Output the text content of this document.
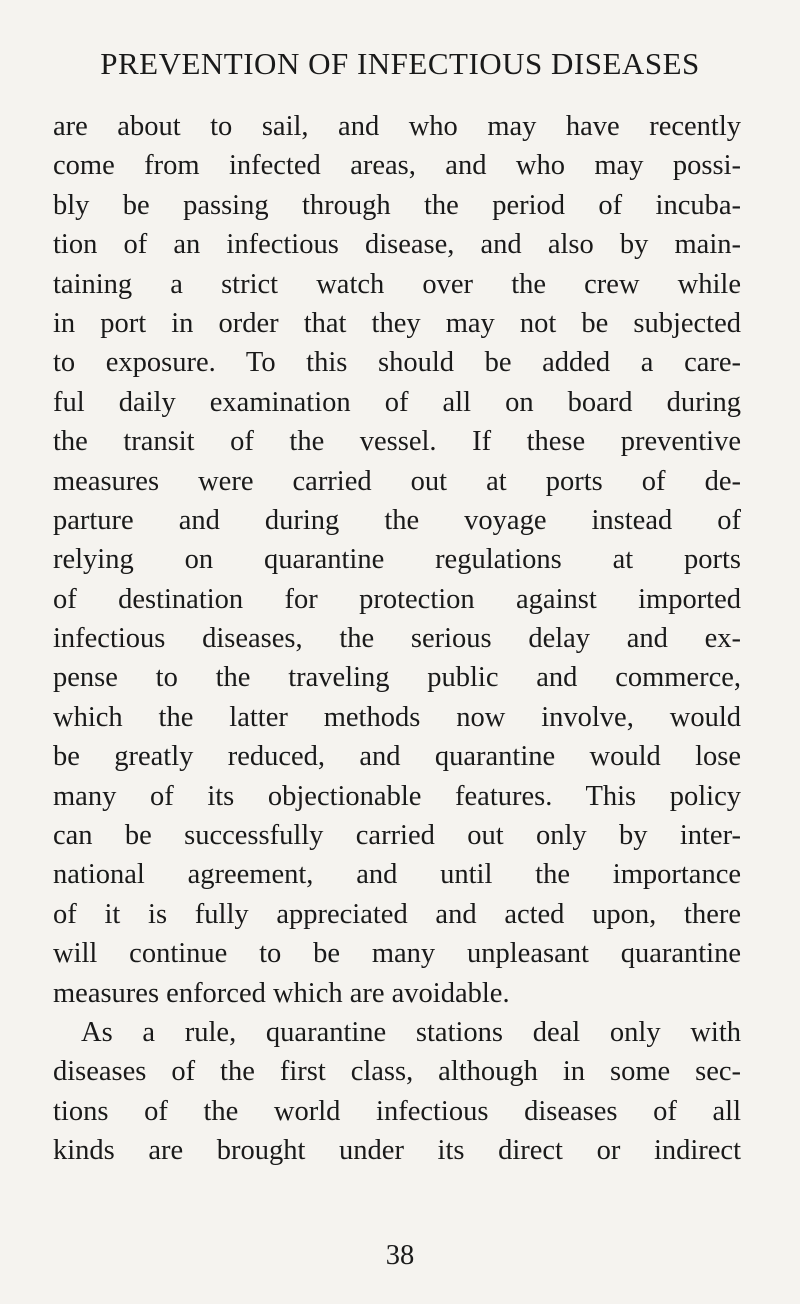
PREVENTION OF INFECTIOUS DISEASES
are about to sail, and who may have recently
come from infected areas, and who may possi-
bly be passing through the period of incuba-
tion of an infectious disease, and also by main-
taining a strict watch over the crew while
in port in order that they may not be subjected
to exposure. To this should be added a care-
ful daily examination of all on board during
the transit of the vessel. If these preventive
measures were carried out at ports of de-
parture and during the voyage instead of
relying on quarantine regulations at ports
of destination for protection against imported
infectious diseases, the serious delay and ex-
pense to the traveling public and commerce,
which the latter methods now involve, would
be greatly reduced, and quarantine would lose
many of its objectionable features. This policy
can be successfully carried out only by inter-
national agreement, and until the importance
of it is fully appreciated and acted upon, there
will continue to be many unpleasant quarantine
measures enforced which are avoidable.
As a rule, quarantine stations deal only with
diseases of the first class, although in some sec-
tions of the world infectious diseases of all
kinds are brought under its direct or indirect
38
